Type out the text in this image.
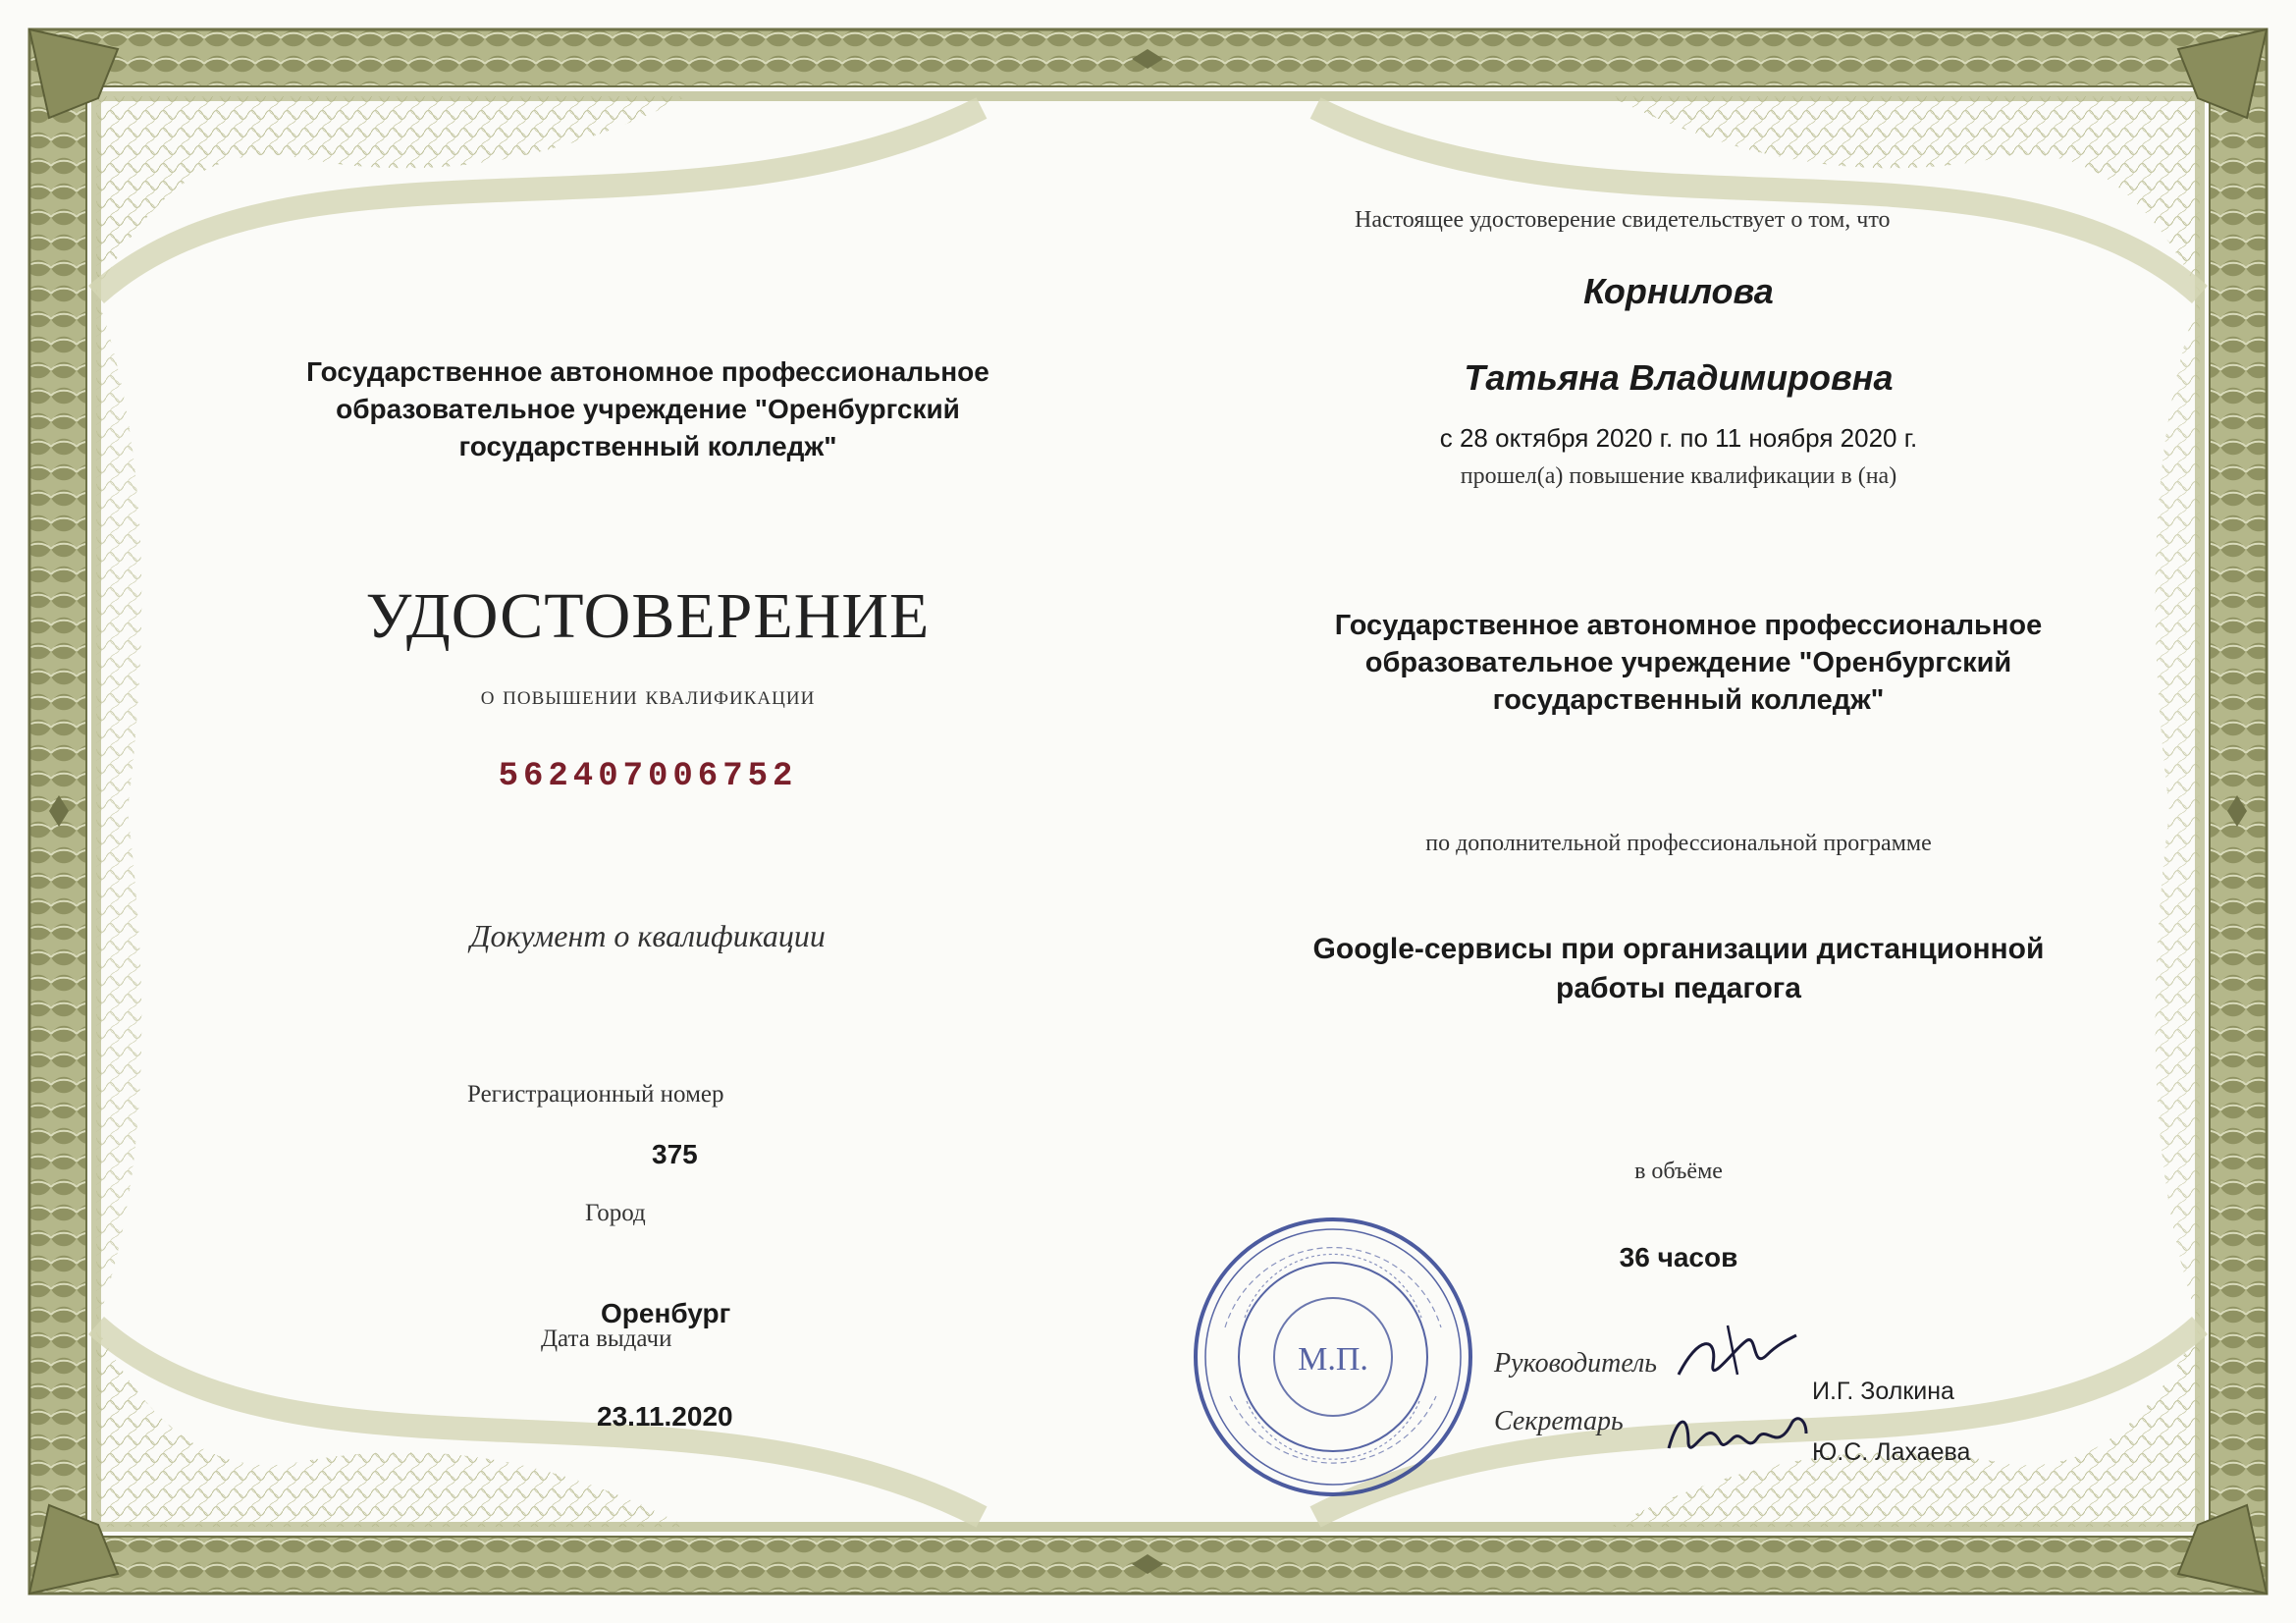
Государственное автономное профессиональное образовательное учреждение "Оренбургский государственный колледж"
УДОСТОВЕРЕНИЕ
о повышении квалификации
562407006752
Документ о квалификации
Регистрационный номер
375
Город
Дата выдачи
Оренбург
23.11.2020
Настоящее удостоверение свидетельствует о том, что
Корнилова
Татьяна Владимировна
с 28 октября 2020 г. по 11 ноября 2020 г.
прошел(а) повышение квалификации в (на)
Государственное автономное профессиональное образовательное учреждение "Оренбургский государственный колледж"
по дополнительной профессиональной программе
Google-сервисы при организации дистанционной работы педагога
в объёме
36 часов
М.П.	Руководитель
Секретарь
И.Г. Золкина
Ю.С. Лахаева
